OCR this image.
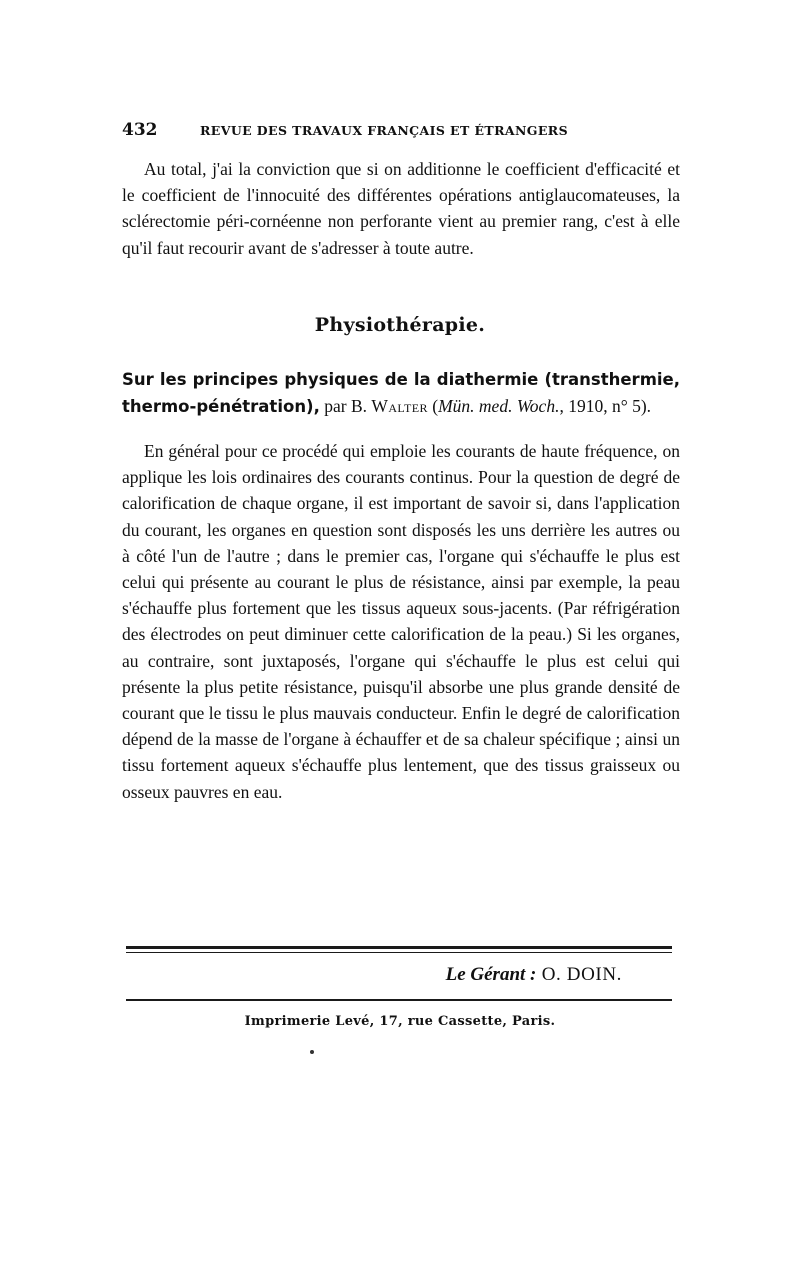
432	REVUE DES TRAVAUX FRANÇAIS ET ÉTRANGERS
Au total, j'ai la conviction que si on additionne le coefficient d'efficacité et le coefficient de l'innocuité des différentes opérations antiglaucomateuses, la sclérectomie péri-cornéenne non perforante vient au premier rang, c'est à elle qu'il faut recourir avant de s'adresser à toute autre.
Physiothérapie.
Sur les principes physiques de la diathermie (transthermie, thermo-pénétration), par B. Walter (Mün. med. Woch., 1910, n° 5).
En général pour ce procédé qui emploie les courants de haute fréquence, on applique les lois ordinaires des courants continus. Pour la question de degré de calorification de chaque organe, il est important de savoir si, dans l'application du courant, les organes en question sont disposés les uns derrière les autres ou à côté l'un de l'autre ; dans le premier cas, l'organe qui s'échauffe le plus est celui qui présente au courant le plus de résistance, ainsi par exemple, la peau s'échauffe plus fortement que les tissus aqueux sous-jacents. (Par réfrigération des électrodes on peut diminuer cette calorification de la peau.) Si les organes, au contraire, sont juxtaposés, l'organe qui s'échauffe le plus est celui qui présente la plus petite résistance, puisqu'il absorbe une plus grande densité de courant que le tissu le plus mauvais conducteur. Enfin le degré de calorification dépend de la masse de l'organe à échauffer et de sa chaleur spécifique ; ainsi un tissu fortement aqueux s'échauffe plus lentement, que des tissus graisseux ou osseux pauvres en eau.
Le Gérant : O. DOIN.
Imprimerie Levé, 17, rue Cassette, Paris.
